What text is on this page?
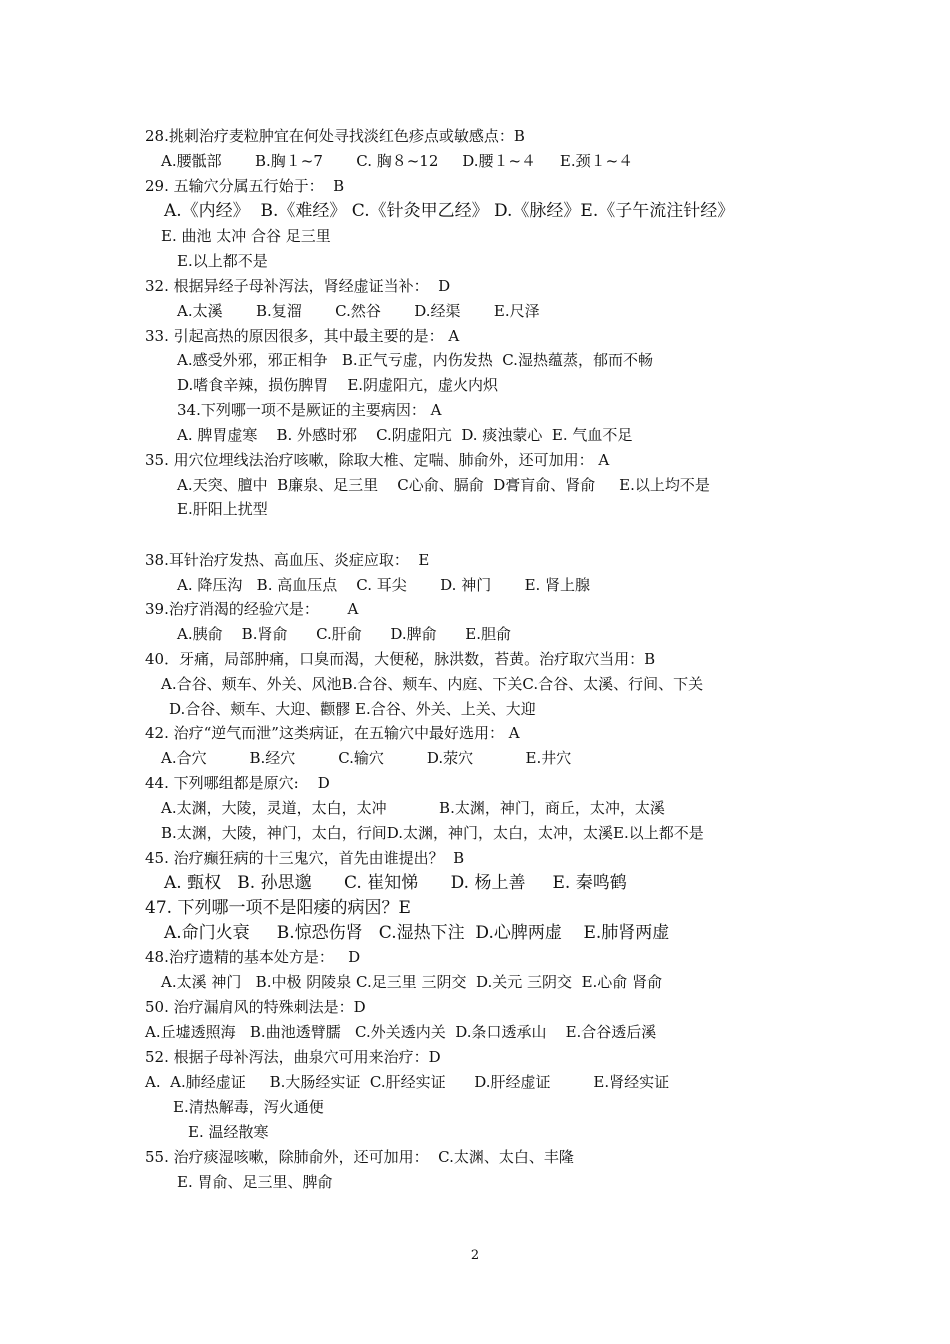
28.挑刺治疗麦粒肿宜在何处寻找淡红色疹点或敏感点：B
A.腰骶部       B.胸１~7       C. 胸８~12     D.腰１~４     E.颈１~４
29. 五输穴分属五行始于：  B
A.《内经》  B.《难经》 C.《针灸甲乙经》 D.《脉经》E.《子午流注针经》
E. 曲池 太冲 合谷 足三里
E.以上都不是
32. 根据异经子母补泻法，肾经虚证当补：  D
A.太溪       B.复溜       C.然谷       D.经渠       E.尺泽
33. 引起高热的原因很多，其中最主要的是： A
A.感受外邪，邪正相争   B.正气亏虚，内伤发热  C.湿热蕴蒸，郁而不畅
D.嗜食辛辣，损伤脾胃    E.阴虚阳亢，虚火内炽
34.下列哪一项不是厥证的主要病因： A
A. 脾胃虚寒    B. 外感时邪    C.阴虚阳亢  D. 痰浊蒙心  E. 气血不足
35. 用穴位埋线法治疗咳嗽，除取大椎、定喘、肺俞外，还可加用： A
A.天突、膻中  B廉泉、足三里    C心俞、膈俞  D膏肓俞、肾俞     E.以上均不是
E.肝阳上扰型
38.耳针治疗发热、高血压、炎症应取：  E
A. 降压沟   B. 高血压点    C. 耳尖       D. 神门       E. 肾上腺
39.治疗消渴的经验穴是：      A
A.胰俞    B.肾俞      C.肝俞      D.脾俞      E.胆俞
40．牙痛，局部肿痛，口臭而渴，大便秘，脉洪数，苔黄。治疗取穴当用：B
A.合谷、颊车、外关、风池B.合谷、颊车、内庭、下关C.合谷、太溪、行间、下关
D.合谷、颊车、大迎、颧髎 E.合谷、外关、上关、大迎
42. 治疗“逆气而泄”这类病证，在五输穴中最好选用： A
A.合穴         B.经穴         C.输穴         D.荥穴           E.井穴
44. 下列哪组都是原穴:    D
A.太渊，大陵，灵道，太白，太冲           B.太渊，神门，商丘，太冲，太溪
B.太渊，大陵，神门，太白，行间D.太渊，神门，太白，太冲，太溪E.以上都不是
45. 治疗癫狂病的十三鬼穴，首先由谁提出？  B
A. 甄权   B. 孙思邈      C. 崔知悌      D. 杨上善     E. 秦鸣鹤
47. 下列哪一项不是阳痿的病因？E
A.命门火衰     B.惊恐伤肾   C.湿热下注  D.心脾两虚    E.肺肾两虚
48.治疗遗精的基本处方是：   D
A.太溪 神门   B.中极 阴陵泉 C.足三里 三阴交  D.关元 三阴交  E.心俞 肾俞
50. 治疗漏肩风的特殊刺法是：D
A.丘墟透照海   B.曲池透臂臑   C.外关透内关  D.条口透承山    E.合谷透后溪
52. 根据子母补泻法，曲泉穴可用来治疗：D
A.  A.肺经虚证     B.大肠经实证  C.肝经实证      D.肝经虚证         E.肾经实证
E.清热解毒，泻火通便
E. 温经散寒
55. 治疗痰湿咳嗽，除肺俞外，还可加用：  C.太渊、太白、丰隆
E. 胃俞、足三里、脾俞
2
